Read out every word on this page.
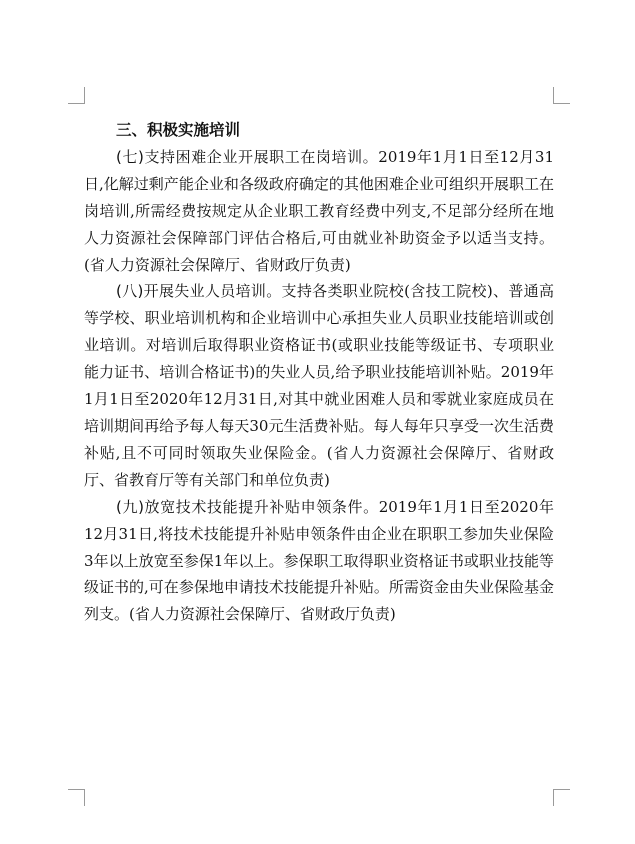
三、积极实施培训

(七)支持困难企业开展职工在岗培训。2019年1月1日至12月31日,化解过剩产能企业和各级政府确定的其他困难企业可组织开展职工在岗培训,所需经费按规定从企业职工教育经费中列支,不足部分经所在地人力资源社会保障部门评估合格后,可由就业补助资金予以适当支持。(省人力资源社会保障厅、省财政厅负责)

(八)开展失业人员培训。支持各类职业院校(含技工院校)、普通高等学校、职业培训机构和企业培训中心承担失业人员职业技能培训或创业培训。对培训后取得职业资格证书(或职业技能等级证书、专项职业能力证书、培训合格证书)的失业人员,给予职业技能培训补贴。2019年1月1日至2020年12月31日,对其中就业困难人员和零就业家庭成员在培训期间再给予每人每天30元生活费补贴。每人每年只享受一次生活费补贴,且不可同时领取失业保险金。(省人力资源社会保障厅、省财政厅、省教育厅等有关部门和单位负责)

(九)放宽技术技能提升补贴申领条件。2019年1月1日至2020年12月31日,将技术技能提升补贴申领条件由企业在职职工参加失业保险3年以上放宽至参保1年以上。参保职工取得职业资格证书或职业技能等级证书的,可在参保地申请技术技能提升补贴。所需资金由失业保险基金列支。(省人力资源社会保障厅、省财政厅负责)
